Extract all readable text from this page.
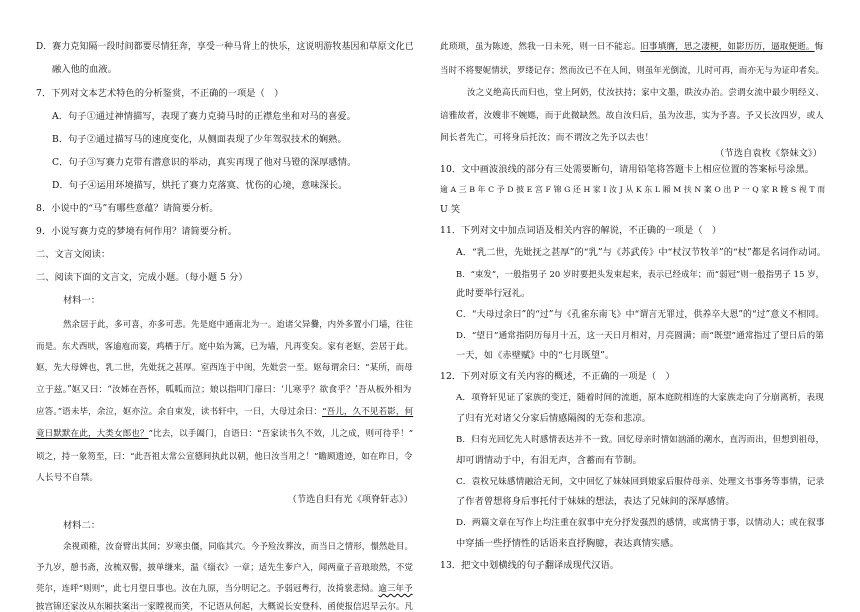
D．赛力克知隔一段时间都要尽情狂奔，享受一种马背上的快乐，这说明游牧基因和草原文化已
融入他的血液。
7．下列对文本艺术特色的分析鉴赏，不正确的一项是（　）
A．句子①通过神情描写，表现了赛力克骑马时的正襟危坐和对马的喜爱。
B．句子②通过描写马的速度变化，从侧面表现了少年驾驭技术的娴熟。
C．句子③写赛力克带有潜意识的举动，真实再现了他对马镫的深厚感情。
D．句子④运用环境描写，烘托了赛力克落寞、忧伤的心境，意味深长。
8．小说中的“马”有哪些意蕴？请简要分析。
9．小说写赛力克的梦境有何作用？请简要分析。
二、文言文阅读：
二、阅读下面的文言文，完成小题。（每小题 5 分）
材料一：
然余居于此，多可喜，亦多可悲。先是庭中通南北为一。迨诸父异爨，内外多置小门墙，往往
而是。东犬西吠，客逾庖而宴，鸡栖于厅。庭中始为篱，已为墙，凡再变矣。家有老妪，尝居于此。
妪，先大母婢也，乳二世，先妣抚之甚厚。室西连于中闺，先妣尝一至。妪每谓余曰：“某所，而母
立于兹。”妪又曰：“汝姊在吾怀，呱呱而泣；娘以指叩门扉曰：‘儿寒乎？欲食乎？’吾从板外相为
应答。”语未毕，余泣，妪亦泣。余自束发，读书轩中，一日，大母过余曰：“吾儿，久不见若影，何
竟日默默在此，大类女郎也？”比去，以手阖门，自语曰：“吾家读书久不效，儿之成，则可待乎！”
顷之，持一象笏至，曰：“此吾祖太常公宣德间执此以朝，他日汝当用之！”瞻顾遗迹，如在昨日，令
人长号不自禁。
（节选自归有光《项脊轩志》）
材料二：
余视顽稚，汝奋臂出其间；岁寒虫僵，同临其穴。今予殓汝葬汝，而当日之情形，憬然赴目。
予九岁，憩书斋，汝梳双髻，披单缣来，温《缁衣》一章；适先生奓户入，闻两童子音琅琅然，不觉
莞尔，连呼“则则”，此七月望日事也。汝在九原，当分明记之。予弱冠粤行，汝掎裳悲恸。逾三年予
披宫锦还家汝从东厢扶案出一家瞠视而笑，不记语从何起，大概说长安登科、函使报信迟早云尔。凡
此琐琐，虽为陈迹，然我一日未死，则一日不能忘。旧事填膺，思之凄梗，如影历历，逼取便逝。悔
当时不将婴妮情状，罗缕记存；然而汝已不在人间，则虽年光倒流，儿时可再，而亦无与为证印者矣。
汝之义绝高氏而归也，堂上阿奶，仗汝扶持；家中文墨，眣汝办治。尝谓女流中最少明经义、
谙雅故者，汝嫂非不婉嫕，而于此微缺然。故自汝归后，虽为汝悲，实为予喜。予又长汝四岁，或人
间长者先亡，可将身后托汝；而不谓汝之先予以去也！
（节选自袁枚《祭妹文》）
10．文中画波浪线的部分有三处需要断句，请用铅笔将答题卡上相应位置的答案标号涂黑。
逾 A 三 B 年 C 予 D 披 E 宫 F 锦 G 还 H 家 I 汝 J 从 K 东 L 厢 M 扶 N 案 O 出 P 一 Q 家 R 瞠 S 视 T 而
U 笑
11．下列对文中加点词语及相关内容的解说，不正确的一项是（　）
A．“乳二世，先妣抚之甚厚”的“乳”与《苏武传》中“杖汉节牧羊”的“杖”都是名词作动词。
B．“束发”，一般指男子 20 岁时要把头发束起来，表示已经成年；而“弱冠”则一般指男子 15 岁，
此时要举行冠礼。
C．“大母过余曰”的“过”与《孔雀东南飞》中“谓言无罪过，供养卒大恩”的“过”意义不相同。
D．“望日”通常指阴历每月十五，这一天日月相对，月亮圆满；而“既望”通常指过了望日后的第
一天，如《赤壁赋》中的“七月既望”。
12．下列对原文有关内容的概述，不正确的一项是（　）
A．项脊轩见证了家族的变迁，随着时间的流逝，原本庭院相连的大家族走向了分崩离析，表现
了归有光对诸父分家后情感隔阂的无奈和悲凉。
B．归有光回忆先人时感情表达并不一致。回忆母亲时情如汹涌的潮水，直泻而出，但想到祖母，
却可谓情动于中，有泪无声，含蓄而有节制。
C．袁枚兄妹感情融洽无间，文中回忆了妹妹回到娘家后服侍母亲、处理文书事务等事情，记录
了作者曾想将身后事托付于妹妹的想法，表达了兄妹间的深厚感情。
D．两篇文章在写作上均注重在叙事中充分抒发强烈的感情，或寓情于事，以情动人；或在叙事
中穿插一些抒情性的话语来直抒胸臆，表达真情实感。
13．把文中划横线的句子翻译成现代汉语。
